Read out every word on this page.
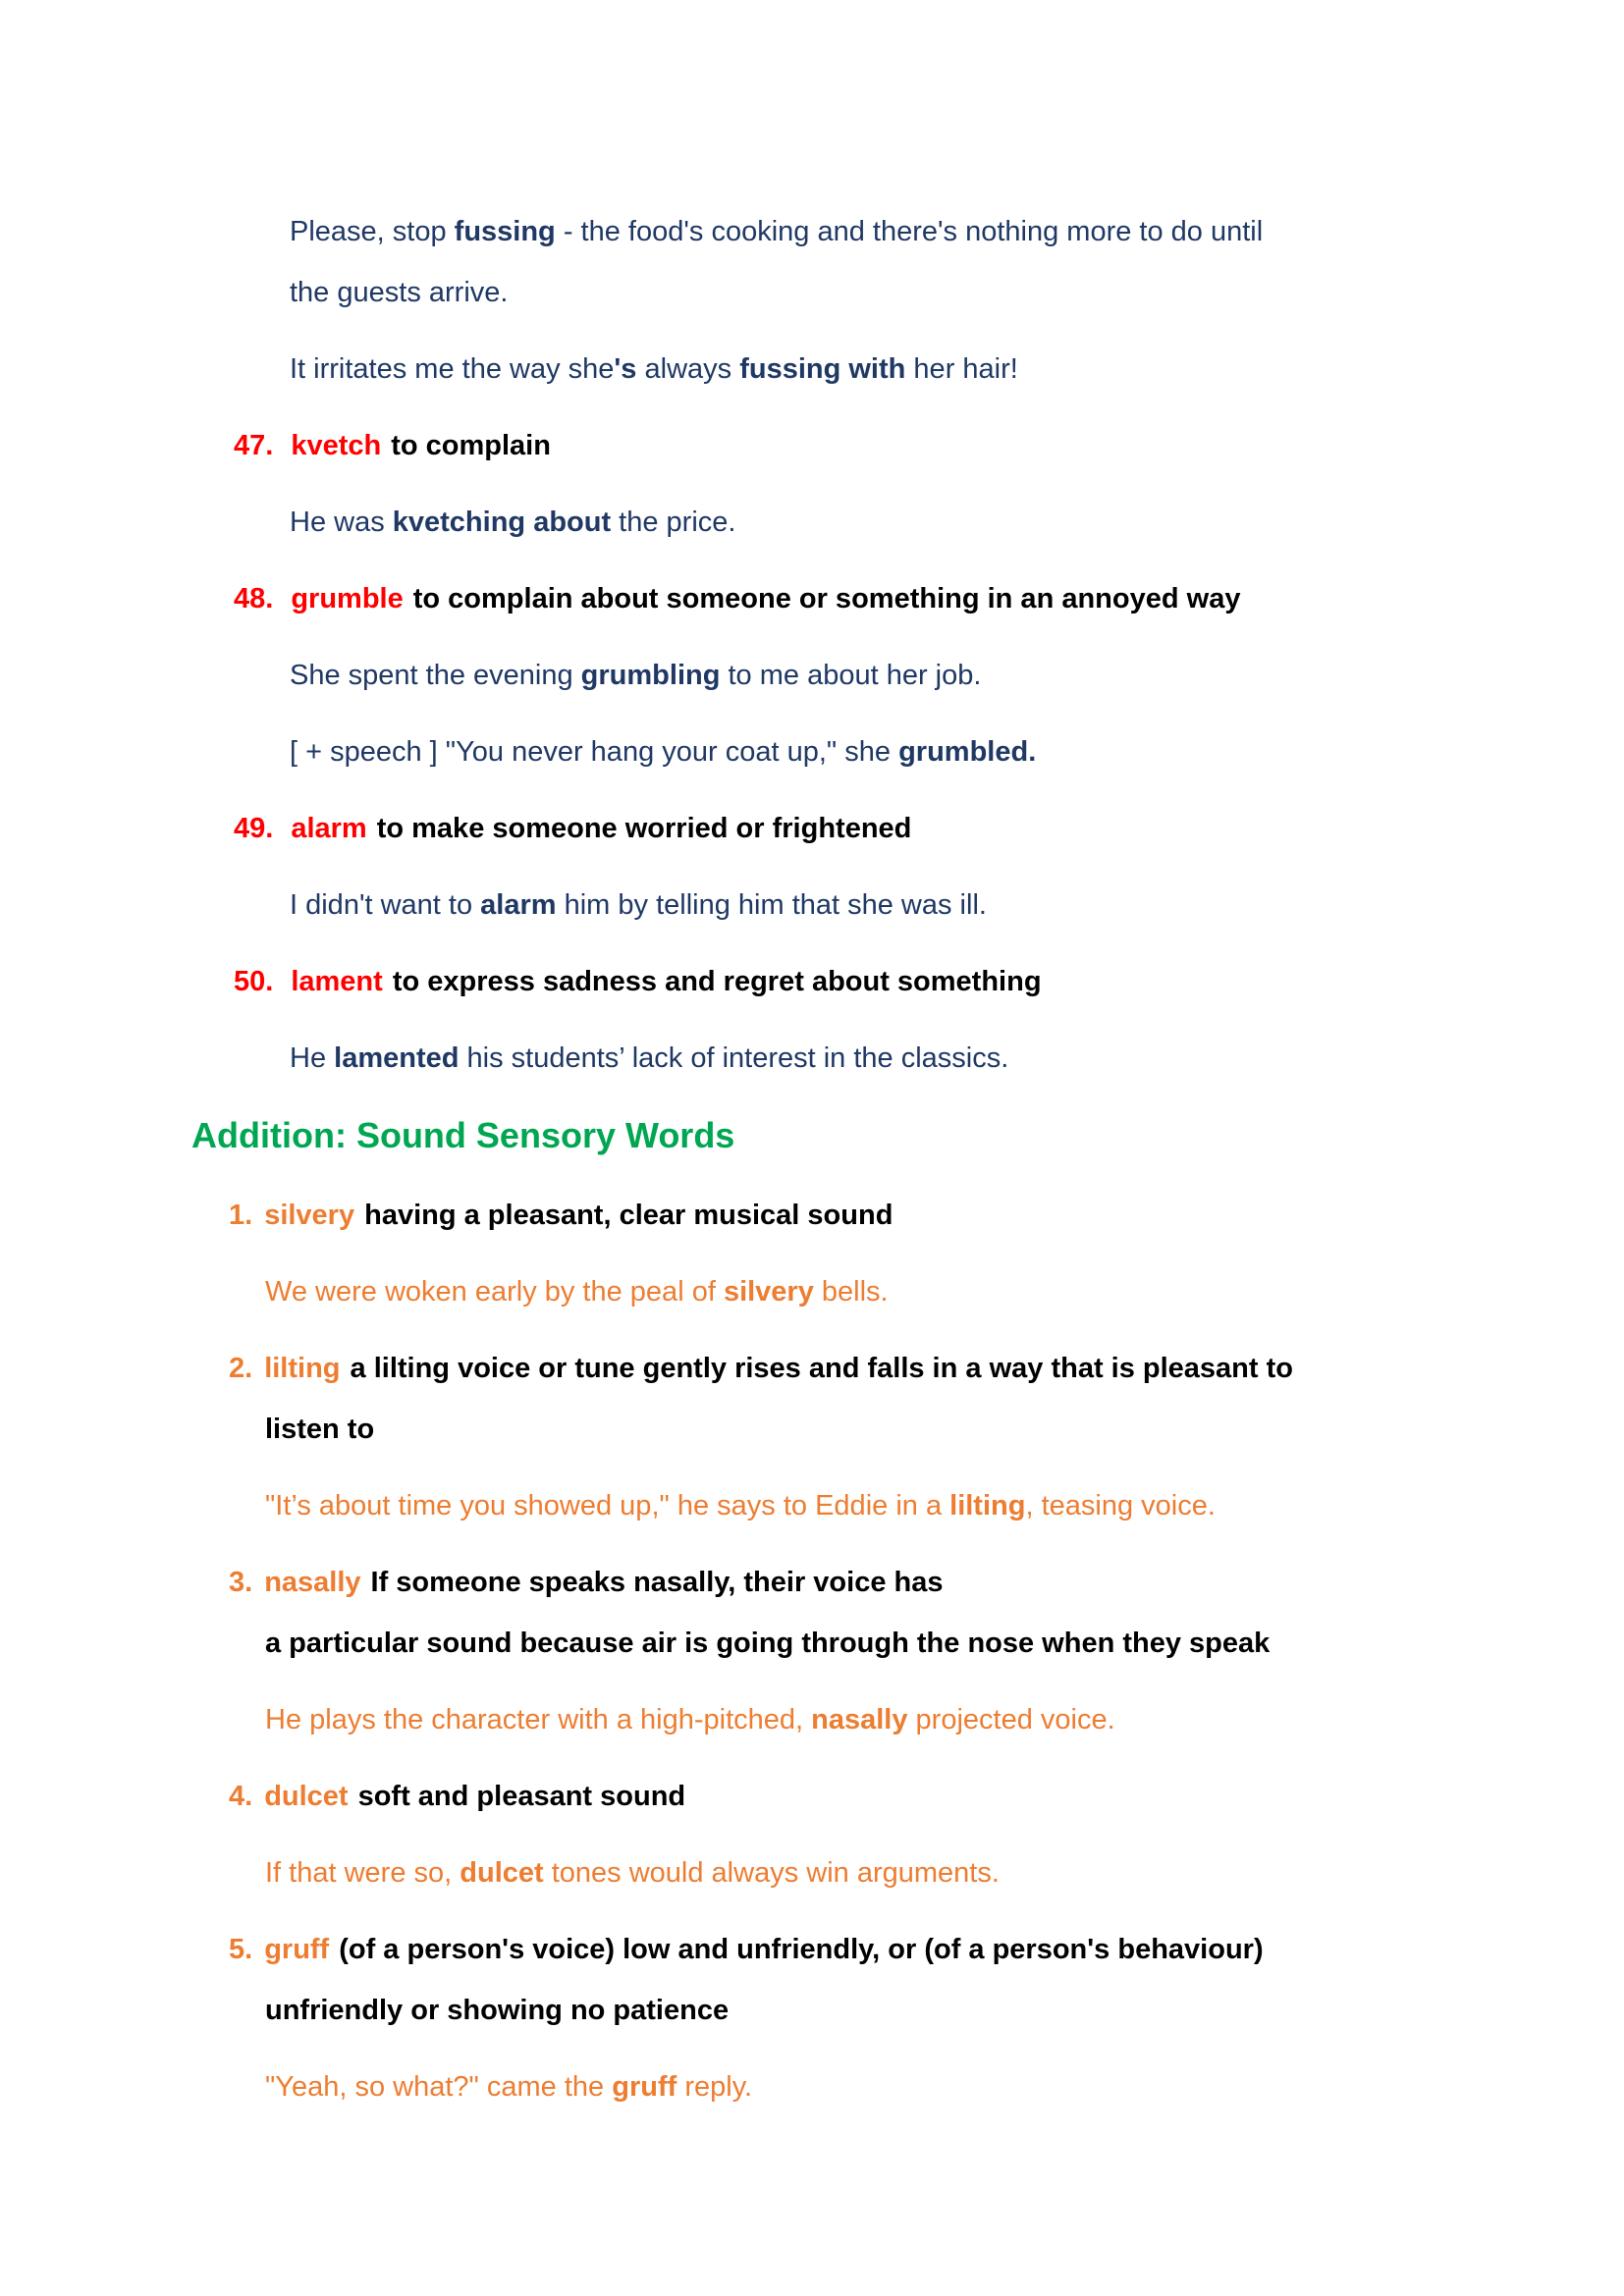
Please, stop fussing - the food's cooking and there's nothing more to do until
the guests arrive.
It irritates me the way she's always fussing with her hair!
47. kvetch to complain
He was kvetching about the price.
48. grumble to complain about someone or something in an annoyed way
She spent the evening grumbling to me about her job.
[ + speech ] "You never hang your coat up," she grumbled.
49. alarm to make someone worried or frightened
I didn't want to alarm him by telling him that she was ill.
50. lament to express sadness and regret about something
He lamented his students’ lack of interest in the classics.
Addition: Sound Sensory Words
1. silvery having a pleasant, clear musical sound
We were woken early by the peal of silvery bells.
2. lilting a lilting voice or tune gently rises and falls in a way that is pleasant to
listen to
"It’s about time you showed up," he says to Eddie in a lilting, teasing voice.
3. nasally If someone speaks nasally, their voice has
a particular sound because air is going through the nose when they speak
He plays the character with a high-pitched, nasally projected voice.
4. dulcet soft and pleasant sound
If that were so, dulcet tones would always win arguments.
5. gruff (of a person's voice) low and unfriendly, or (of a person's behaviour)
unfriendly or showing no patience
"Yeah, so what?" came the gruff reply.
